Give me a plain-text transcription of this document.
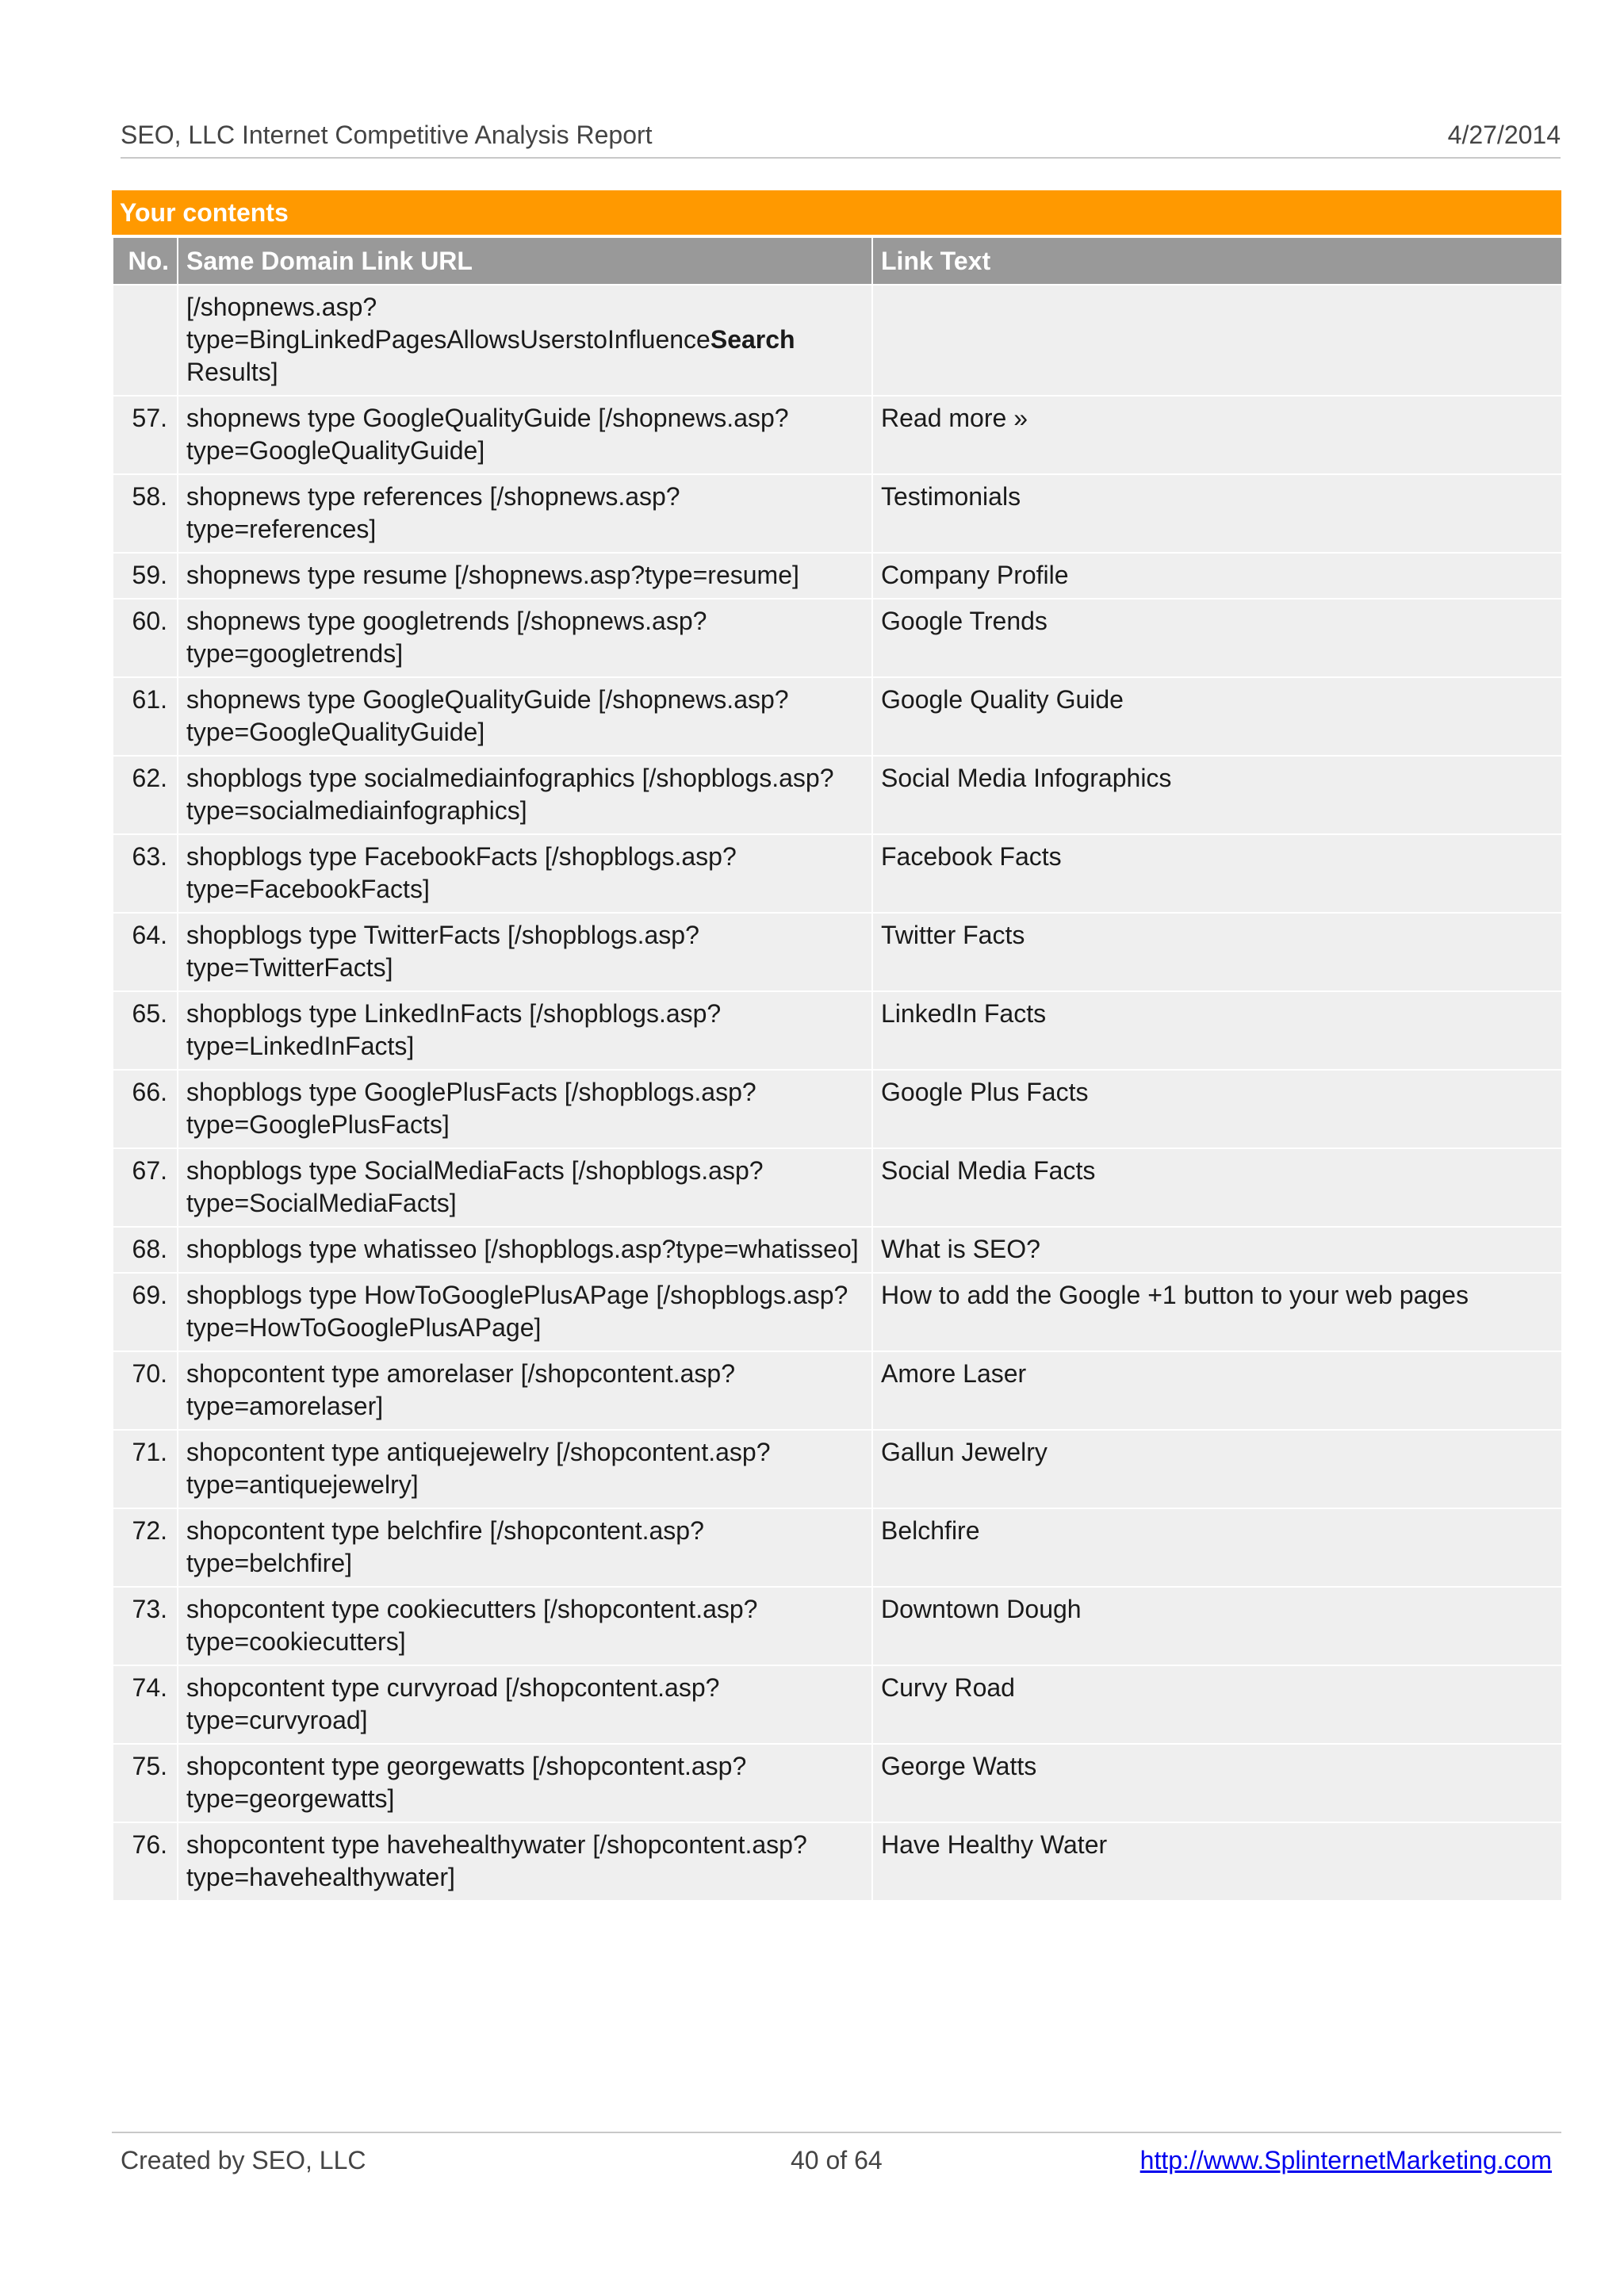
SEO, LLC Internet Competitive Analysis Report	4/27/2014
Your contents
No.	Same Domain Link URL	Link Text
	[/shopnews.asp?type=BingLinkedPagesAllowsUserstoInfluenceSearch Results]	
57.	shopnews type GoogleQualityGuide [/shopnews.asp?type=GoogleQualityGuide]	Read more »
58.	shopnews type references [/shopnews.asp?type=references]	Testimonials
59.	shopnews type resume [/shopnews.asp?type=resume]	Company Profile
60.	shopnews type googletrends [/shopnews.asp?type=googletrends]	Google Trends
61.	shopnews type GoogleQualityGuide [/shopnews.asp?type=GoogleQualityGuide]	Google Quality Guide
62.	shopblogs type socialmediainfographics [/shopblogs.asp?type=socialmediainfographics]	Social Media Infographics
63.	shopblogs type FacebookFacts [/shopblogs.asp?type=FacebookFacts]	Facebook Facts
64.	shopblogs type TwitterFacts [/shopblogs.asp?type=TwitterFacts]	Twitter Facts
65.	shopblogs type LinkedInFacts [/shopblogs.asp?type=LinkedInFacts]	LinkedIn Facts
66.	shopblogs type GooglePlusFacts [/shopblogs.asp?type=GooglePlusFacts]	Google Plus Facts
67.	shopblogs type SocialMediaFacts [/shopblogs.asp?type=SocialMediaFacts]	Social Media Facts
68.	shopblogs type whatisseo [/shopblogs.asp?type=whatisseo]	What is SEO?
69.	shopblogs type HowToGooglePlusAPage [/shopblogs.asp?type=HowToGooglePlusAPage]	How to add the Google +1 button to your web pages
70.	shopcontent type amorelaser [/shopcontent.asp?type=amorelaser]	Amore Laser
71.	shopcontent type antiquejewelry [/shopcontent.asp?type=antiquejewelry]	Gallun Jewelry
72.	shopcontent type belchfire [/shopcontent.asp?type=belchfire]	Belchfire
73.	shopcontent type cookiecutters [/shopcontent.asp?type=cookiecutters]	Downtown Dough
74.	shopcontent type curvyroad [/shopcontent.asp?type=curvyroad]	Curvy Road
75.	shopcontent type georgewatts [/shopcontent.asp?type=georgewatts]	George Watts
76.	shopcontent type havehealthywater [/shopcontent.asp?type=havehealthywater]	Have Healthy Water
Created by SEO, LLC	40 of 64	http://www.SplinternetMarketing.com
